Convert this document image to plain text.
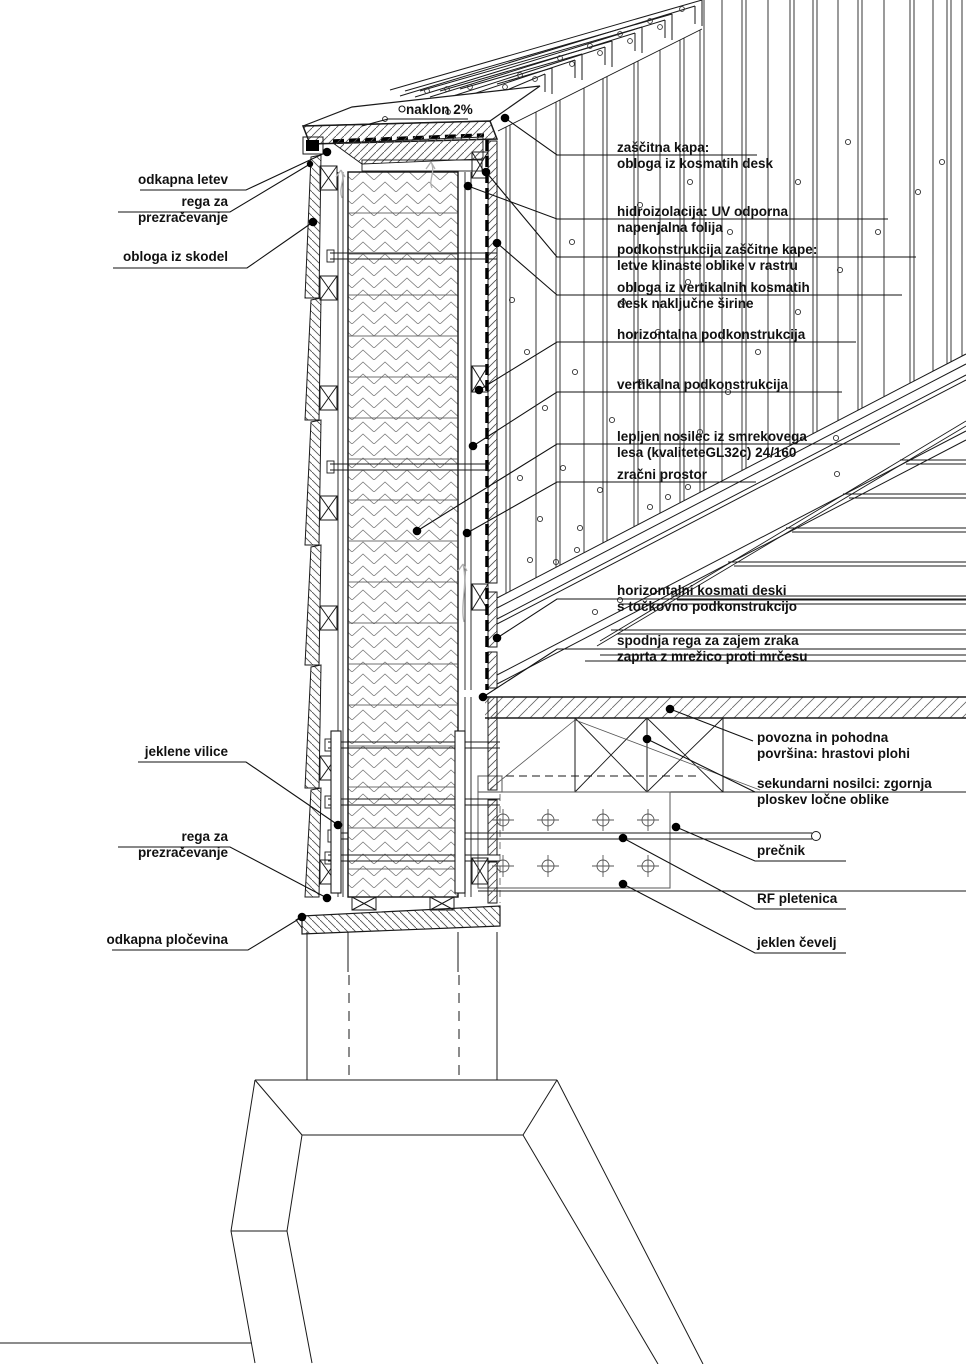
naklon 2%
odkapna letev
rega za
prezračevanje
obloga iz skodel
jeklene vilice
rega za
prezračevanje
odkapna pločevina
zaščitna kapa:
obloga iz kosmatih desk
hidroizolacija: UV odporna
napenjalna folija
podkonstrukcija zaščitne kape:
letve klinaste oblike v rastru
obloga iz vertikalnih kosmatih
desk naključne širine
horizontalna podkonstrukcija
vertikalna podkonstrukcija
lepljen nosilec iz smrekovega
lesa (kvaliteteGL32c) 24/160
zračni prostor
horizontalni kosmati deski
s točkovno podkonstrukcijo
spodnja rega za zajem zraka
zaprta z mrežico proti mrčesu
povozna in pohodna
površina: hrastovi plohi
sekundarni nosilci: zgornja
ploskev ločne oblike
prečnik
RF pletenica
jeklen čevelj
